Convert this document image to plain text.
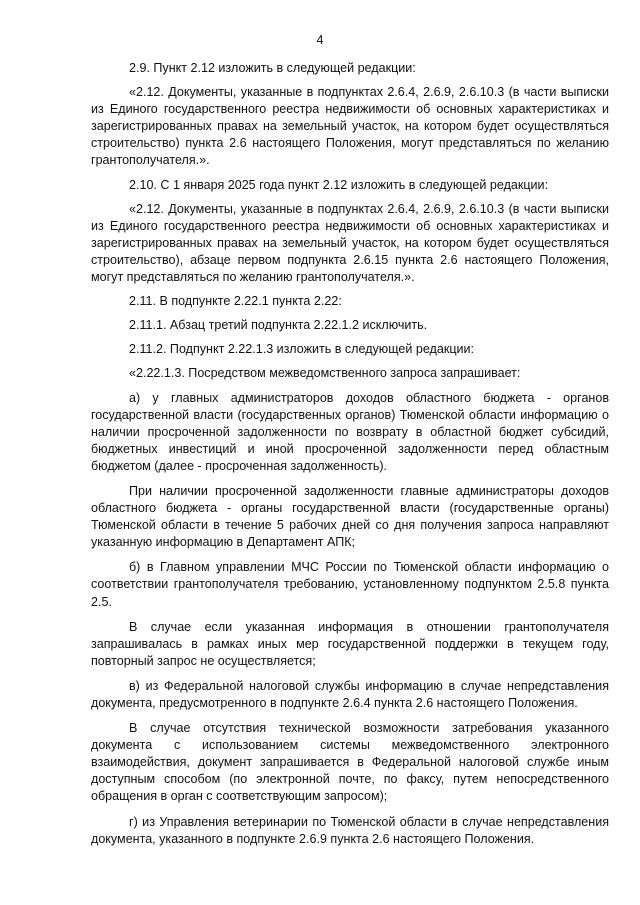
4

2.9. Пункт 2.12 изложить в следующей редакции:

«2.12. Документы, указанные в подпунктах 2.6.4, 2.6.9, 2.6.10.3 (в части выписки из Единого государственного реестра недвижимости об основных характеристиках и зарегистрированных правах на земельный участок, на котором будет осуществляться строительство) пункта 2.6 настоящего Положения, могут представляться по желанию грантополучателя.».

2.10. С 1 января 2025 года пункт 2.12 изложить в следующей редакции:

«2.12. Документы, указанные в подпунктах 2.6.4, 2.6.9, 2.6.10.3 (в части выписки из Единого государственного реестра недвижимости об основных характеристиках и зарегистрированных правах на земельный участок, на котором будет осуществляться строительство), абзаце первом подпункта 2.6.15 пункта 2.6 настоящего Положения, могут представляться по желанию грантополучателя.».

2.11. В подпункте 2.22.1 пункта 2.22:

2.11.1. Абзац третий подпункта 2.22.1.2 исключить.

2.11.2. Подпункт 2.22.1.3 изложить в следующей редакции:

«2.22.1.3. Посредством межведомственного запроса запрашивает:

а) у главных администраторов доходов областного бюджета - органов государственной власти (государственных органов) Тюменской области информацию о наличии просроченной задолженности по возврату в областной бюджет субсидий, бюджетных инвестиций и иной просроченной задолженности перед областным бюджетом (далее - просроченная задолженность).

При наличии просроченной задолженности главные администраторы доходов областного бюджета - органы государственной власти (государственные органы) Тюменской области в течение 5 рабочих дней со дня получения запроса направляют указанную информацию в Департамент АПК;

б) в Главном управлении МЧС России по Тюменской области информацию о соответствии грантополучателя требованию, установленному подпунктом 2.5.8 пункта 2.5.

В случае если указанная информация в отношении грантополучателя запрашивалась в рамках иных мер государственной поддержки в текущем году, повторный запрос не осуществляется;

в) из Федеральной налоговой службы информацию в случае непредставления документа, предусмотренного в подпункте 2.6.4 пункта 2.6 настоящего Положения.

В случае отсутствия технической возможности затребования указанного документа с использованием системы межведомственного электронного взаимодействия, документ запрашивается в Федеральной налоговой службе иным доступным способом (по электронной почте, по факсу, путем непосредственного обращения в орган с соответствующим запросом);

г) из Управления ветеринарии по Тюменской области в случае непредставления документа, указанного в подпункте 2.6.9 пункта 2.6 настоящего Положения.
